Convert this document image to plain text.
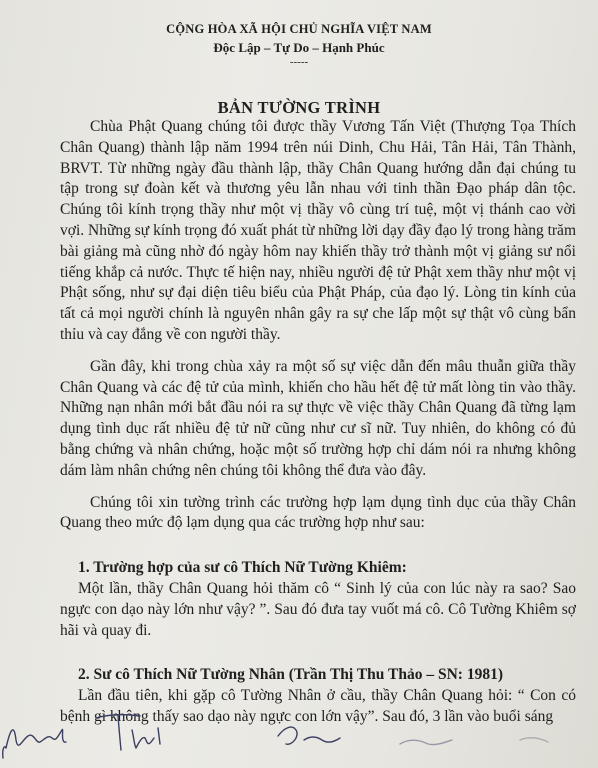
CỘNG HÒA XÃ HỘI CHỦ NGHĨA VIỆT NAM
Độc Lập – Tự Do – Hạnh Phúc
-----
BẢN TƯỜNG TRÌNH

Chùa Phật Quang chúng tôi được thầy Vương Tấn Việt (Thượng Tọa Thích Chân Quang) thành lập năm 1994 trên núi Dinh, Chu Hải, Tân Hải, Tân Thành, BRVT. Từ những ngày đầu thành lập, thầy Chân Quang hướng dẫn đại chúng tu tập trong sự đoàn kết và thương yêu lẫn nhau với tinh thần Đạo pháp dân tộc. Chúng tôi kính trọng thầy như một vị thầy vô cùng trí tuệ, một vị thánh cao vời vợi. Những sự kính trọng đó xuất phát từ những lời dạy đầy đạo lý trong hàng trăm bài giảng mà cũng nhờ đó ngày hôm nay khiến thầy trở thành một vị giảng sư nổi tiếng khắp cả nước. Thực tế hiện nay, nhiều người đệ tử Phật xem thầy như một vị Phật sống, như sự đại diện tiêu biểu của Phật Pháp, của đạo lý. Lòng tin kính của tất cả mọi người chính là nguyên nhân gây ra sự che lấp một sự thật vô cùng bẩn thỉu và cay đắng về con người thầy.

Gần đây, khi trong chùa xảy ra một số sự việc dẫn đến mâu thuẫn giữa thầy Chân Quang và các đệ tử của mình, khiến cho hầu hết đệ tử mất lòng tin vào thầy. Những nạn nhân mới bắt đầu nói ra sự thực về việc thầy Chân Quang đã từng lạm dụng tình dục rất nhiều đệ tử nữ cũng như cư sĩ nữ. Tuy nhiên, do không có đủ bằng chứng và nhân chứng, hoặc một số trường hợp chỉ dám nói ra nhưng không dám làm nhân chứng nên chúng tôi không thể đưa vào đây.

Chúng tôi xin tường trình các trường hợp lạm dụng tình dục của thầy Chân Quang theo mức độ lạm dụng qua các trường hợp như sau:

1. Trường hợp của sư cô Thích Nữ Tường Khiêm:

Một lần, thầy Chân Quang hỏi thăm cô “ Sinh lý của con lúc này ra sao? Sao ngực con dạo này lớn như vậy? ”. Sau đó đưa tay vuốt má cô. Cô Tường Khiêm sợ hãi và quay đi.

2. Sư cô Thích Nữ Tường Nhân (Trần Thị Thu Thảo – SN: 1981)

Lần đầu tiên, khi gặp cô Tường Nhân ở cầu, thầy Chân Quang hỏi: “ Con có bệnh gì không thấy sao dạo này ngực con lớn vậy”. Sau đó, 3 lần vào buổi sáng
